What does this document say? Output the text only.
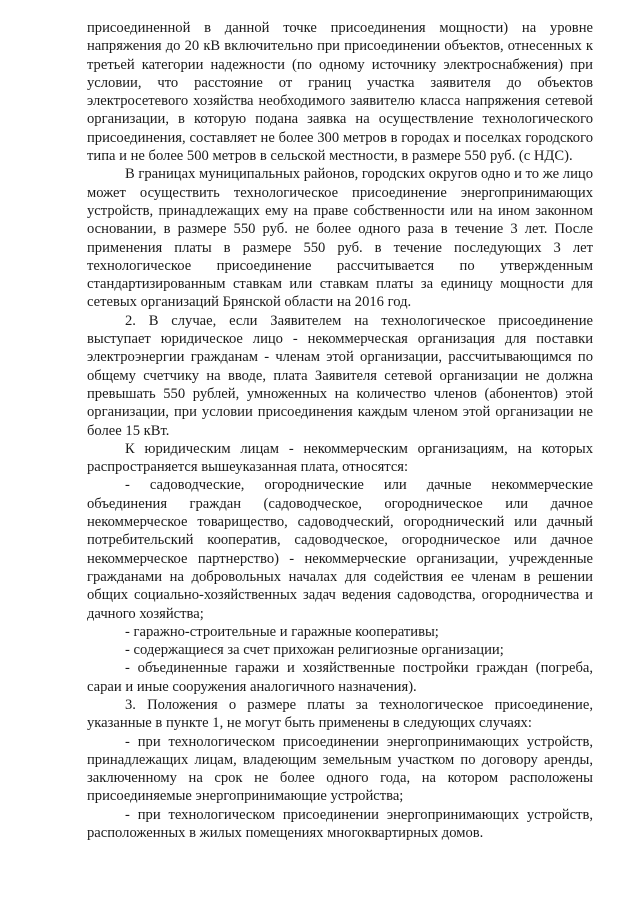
присоединенной в данной точке присоединения мощности) на уровне напряжения до 20 кВ включительно при присоединении объектов, отнесенных к третьей категории надежности (по одному источнику электроснабжения) при условии, что расстояние от границ участка заявителя до объектов электросетевого хозяйства необходимого заявителю класса напряжения сетевой организации, в которую подана заявка на осуществление технологического присоединения, составляет не более 300 метров в городах и поселках городского типа и не более 500 метров в сельской местности, в размере 550 руб. (с НДС).

В границах муниципальных районов, городских округов одно и то же лицо может осуществить технологическое присоединение энергопринимающих устройств, принадлежащих ему на праве собственности или на ином законном основании, в размере 550 руб. не более одного раза в течение 3 лет. После применения платы в размере 550 руб. в течение последующих 3 лет технологическое присоединение рассчитывается по утвержденным стандартизированным ставкам или ставкам платы за единицу мощности для сетевых организаций Брянской области на 2016 год.

2. В случае, если Заявителем на технологическое присоединение выступает юридическое лицо - некоммерческая организация для поставки электроэнергии гражданам - членам этой организации, рассчитывающимся по общему счетчику на вводе, плата Заявителя сетевой организации не должна превышать 550 рублей, умноженных на количество членов (абонентов) этой организации, при условии присоединения каждым членом этой организации не более 15 кВт.

К юридическим лицам - некоммерческим организациям, на которых распространяется вышеуказанная плата, относятся:

- садоводческие, огороднические или дачные некоммерческие объединения граждан (садоводческое, огородническое или дачное некоммерческое товарищество, садоводческий, огороднический или дачный потребительский кооператив, садоводческое, огородническое или дачное некоммерческое партнерство) - некоммерческие организации, учрежденные гражданами на добровольных началах для содействия ее членам в решении общих социально-хозяйственных задач ведения садоводства, огородничества и дачного хозяйства;

- гаражно-строительные и гаражные кооперативы;

- содержащиеся за счет прихожан религиозные организации;

- объединенные гаражи и хозяйственные постройки граждан (погреба, сараи и иные сооружения аналогичного назначения).

3. Положения о размере платы за технологическое присоединение, указанные в пункте 1, не могут быть применены в следующих случаях:

- при технологическом присоединении энергопринимающих устройств, принадлежащих лицам, владеющим земельным участком по договору аренды, заключенному на срок не более одного года, на котором расположены присоединяемые энергопринимающие устройства;

- при технологическом присоединении энергопринимающих устройств, расположенных в жилых помещениях многоквартирных домов.
